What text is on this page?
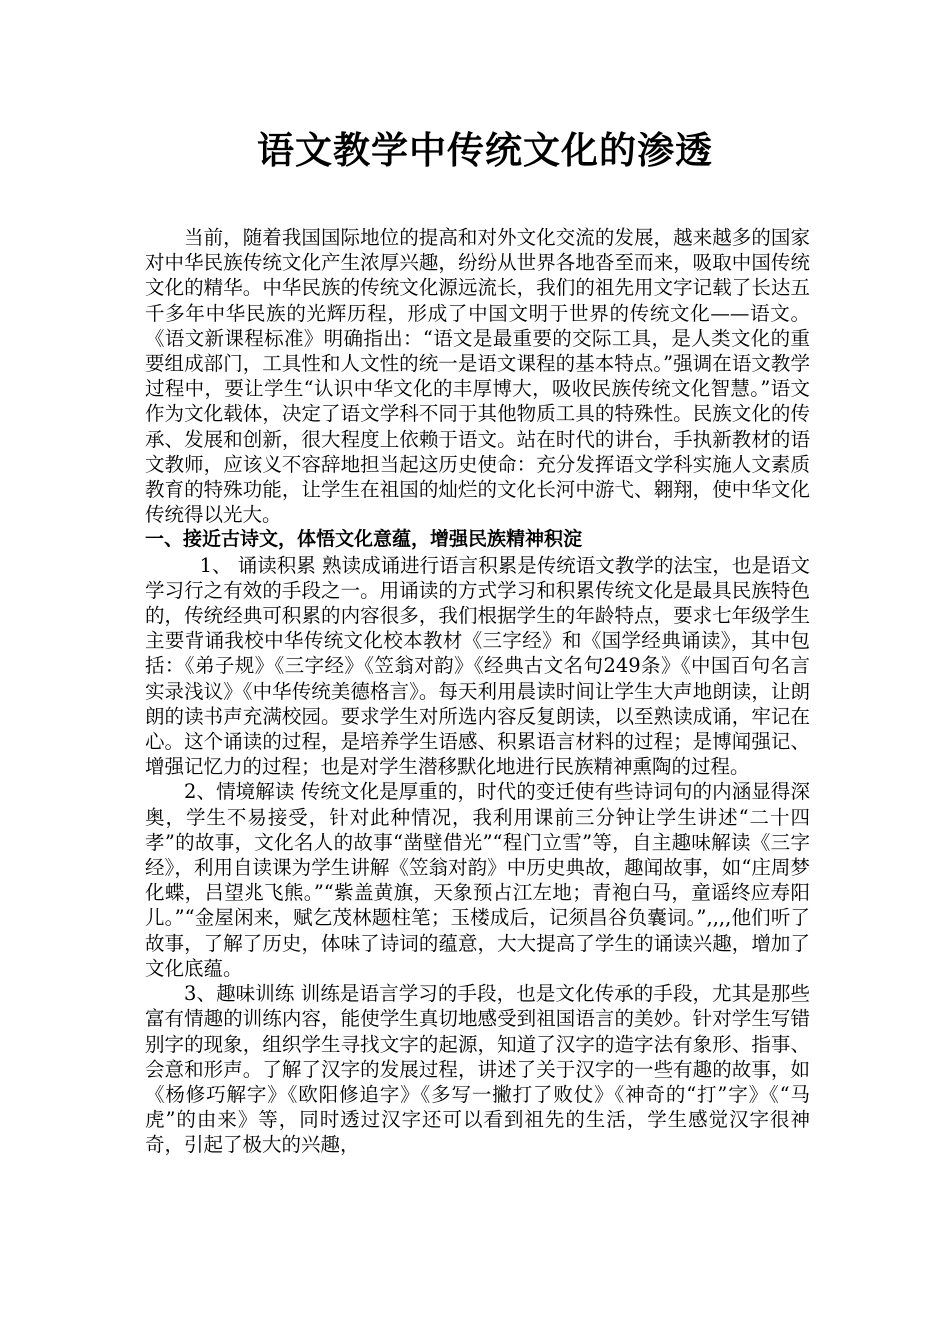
语文教学中传统文化的渗透

当前，随着我国国际地位的提高和对外文化交流的发展，越来越多的国家对中华民族传统文化产生浓厚兴趣，纷纷从世界各地沓至而来，吸取中国传统文化的精华。中华民族的传统文化源远流长，我们的祖先用文字记载了长达五千多年中华民族的光辉历程，形成了中国文明于世界的传统文化——语文。《语文新课程标准》明确指出：“语文是最重要的交际工具，是人类文化的重要组成部门，工具性和人文性的统一是语文课程的基本特点。”强调在语文教学过程中，要让学生“认识中华文化的丰厚博大，吸收民族传统文化智慧。”语文作为文化载体，决定了语文学科不同于其他物质工具的特殊性。民族文化的传承、发展和创新，很大程度上依赖于语文。站在时代的讲台，手执新教材的语文教师，应该义不容辞地担当起这历史使命：充分发挥语文学科实施人文素质教育的特殊功能，让学生在祖国的灿烂的文化长河中游弋、翱翔，使中华文化传统得以光大。

一、接近古诗文，体悟文化意蕴，增强民族精神积淀

1、 诵读积累 熟读成诵进行语言积累是传统语文教学的法宝，也是语文学习行之有效的手段之一。用诵读的方式学习和积累传统文化是最具民族特色的，传统经典可积累的内容很多，我们根据学生的年龄特点，要求七年级学生主要背诵我校中华传统文化校本教材《三字经》和《国学经典诵读》，其中包括：《弟子规》《三字经》《笠翁对韵》《经典古文名句249条》《中国百句名言实录浅议》《中华传统美德格言》。每天利用晨读时间让学生大声地朗读，让朗朗的读书声充满校园。要求学生对所选内容反复朗读，以至熟读成诵，牢记在心。这个诵读的过程，是培养学生语感、积累语言材料的过程；是博闻强记、增强记忆力的过程；也是对学生潜移默化地进行民族精神熏陶的过程。

2、情境解读 传统文化是厚重的，时代的变迁使有些诗词句的内涵显得深奥，学生不易接受，针对此种情况，我利用课前三分钟让学生讲述“二十四孝”的故事，文化名人的故事“凿壁借光”“程门立雪”等，自主趣味解读《三字经》，利用自读课为学生讲解《笠翁对韵》中历史典故，趣闻故事，如“庄周梦化蝶，吕望兆飞熊。”“紫盖黄旗，天象预占江左地；青袍白马，童谣终应寿阳儿。”“金屋闲来，赋乞茂林题柱笔；玉楼成后，记须昌谷负囊词。”,,,,他们听了故事，了解了历史，体味了诗词的蕴意，大大提高了学生的诵读兴趣，增加了文化底蕴。

3、趣味训练 训练是语言学习的手段，也是文化传承的手段，尤其是那些富有情趣的训练内容，能使学生真切地感受到祖国语言的美妙。针对学生写错别字的现象，组织学生寻找文字的起源，知道了汉字的造字法有象形、指事、会意和形声。了解了汉字的发展过程，讲述了关于汉字的一些有趣的故事，如《杨修巧解字》《欧阳修追字》《多写一撇打了败仗》《神奇的“打”字》《“马虎”的由来》等，同时透过汉字还可以看到祖先的生活，学生感觉汉字很神奇，引起了极大的兴趣，
